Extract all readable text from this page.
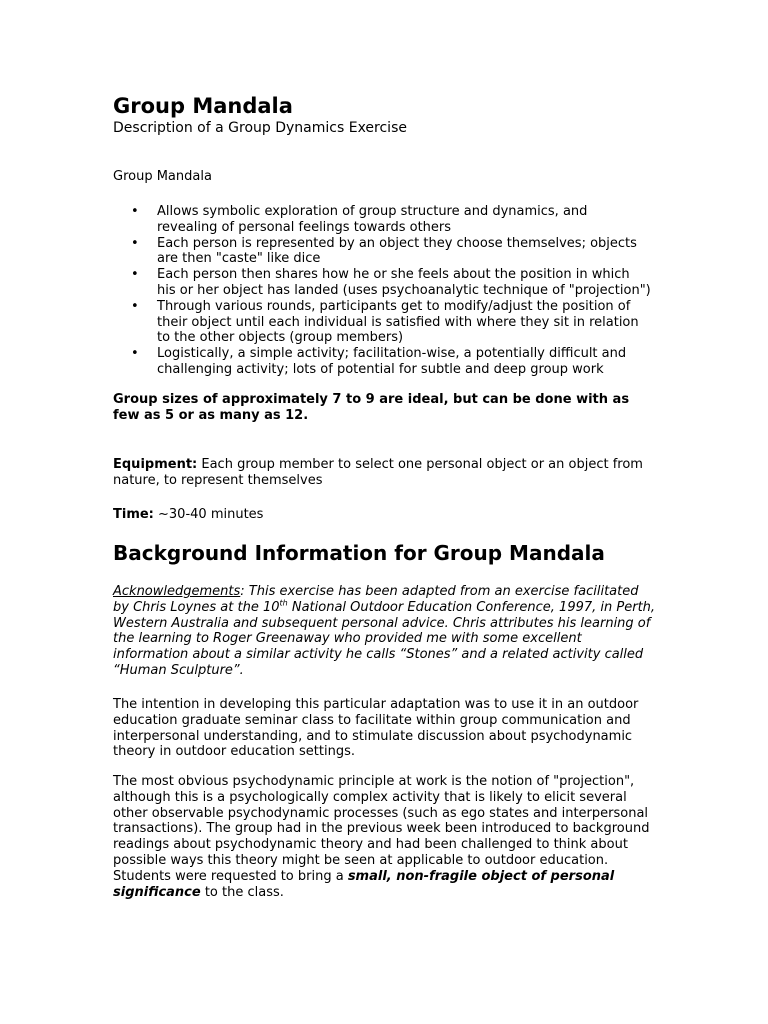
Group Mandala
Description of a Group Dynamics Exercise
Group Mandala
• Allows symbolic exploration of group structure and dynamics, and revealing of personal feelings towards others
• Each person is represented by an object they choose themselves; objects are then "caste" like dice
• Each person then shares how he or she feels about the position in which his or her object has landed (uses psychoanalytic technique of "projection")
• Through various rounds, participants get to modify/adjust the position of their object until each individual is satisfied with where they sit in relation to the other objects (group members)
• Logistically, a simple activity; facilitation-wise, a potentially difficult and challenging activity; lots of potential for subtle and deep group work

Group sizes of approximately 7 to 9 are ideal, but can be done with as few as 5 or as many as 12.

Equipment: Each group member to select one personal object or an object from nature, to represent themselves

Time: ~30-40 minutes

Background Information for Group Mandala

Acknowledgements: This exercise has been adapted from an exercise facilitated by Chris Loynes at the 10th National Outdoor Education Conference, 1997, in Perth, Western Australia and subsequent personal advice. Chris attributes his learning of the learning to Roger Greenaway who provided me with some excellent information about a similar activity he calls “Stones” and a related activity called “Human Sculpture”.

The intention in developing this particular adaptation was to use it in an outdoor education graduate seminar class to facilitate within group communication and interpersonal understanding, and to stimulate discussion about psychodynamic theory in outdoor education settings.

The most obvious psychodynamic principle at work is the notion of "projection", although this is a psychologically complex activity that is likely to elicit several other observable psychodynamic processes (such as ego states and interpersonal transactions). The group had in the previous week been introduced to background readings about psychodynamic theory and had been challenged to think about possible ways this theory might be seen at applicable to outdoor education. Students were requested to bring a small, non-fragile object of personal significance to the class.
